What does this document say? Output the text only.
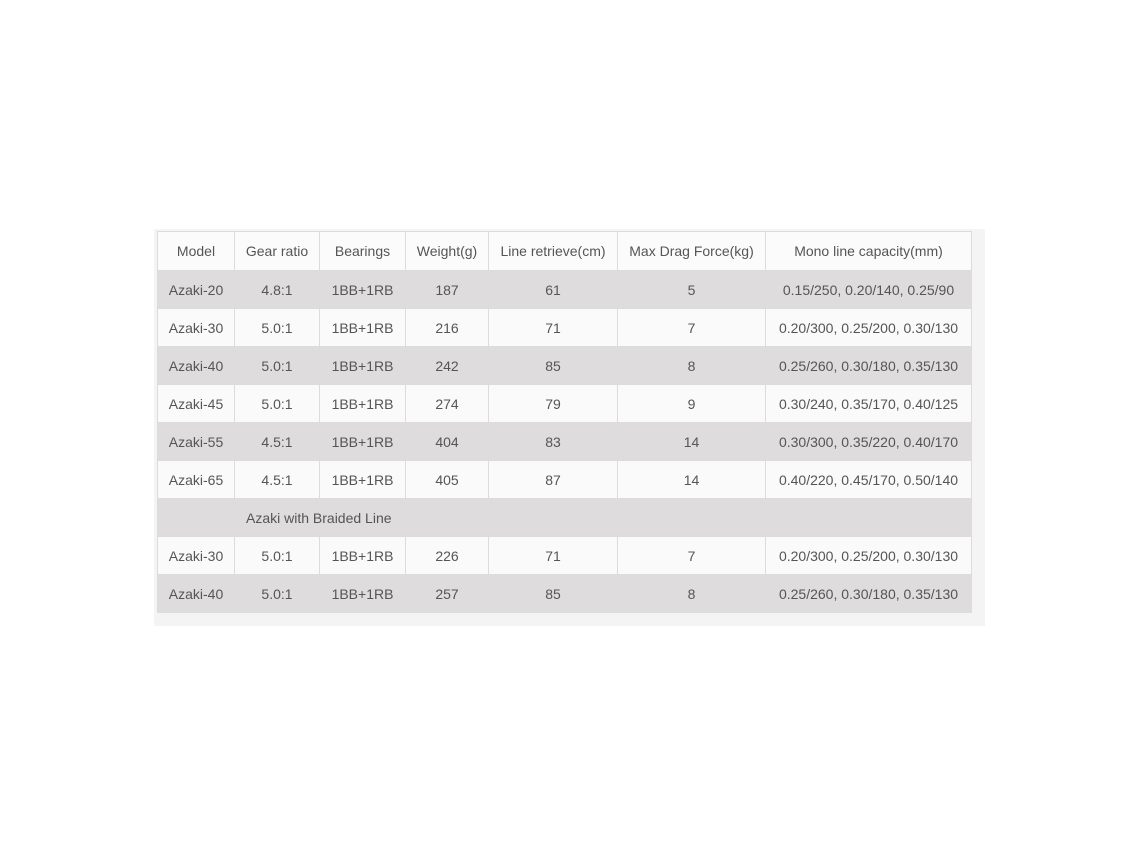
Model	Gear ratio	Bearings	Weight(g)	Line retrieve(cm)	Max Drag Force(kg)	Mono line capacity(mm)
Azaki-20	4.8:1	1BB+1RB	187	61	5	0.15/250, 0.20/140, 0.25/90
Azaki-30	5.0:1	1BB+1RB	216	71	7	0.20/300, 0.25/200, 0.30/130
Azaki-40	5.0:1	1BB+1RB	242	85	8	0.25/260, 0.30/180, 0.35/130
Azaki-45	5.0:1	1BB+1RB	274	79	9	0.30/240, 0.35/170, 0.40/125
Azaki-55	4.5:1	1BB+1RB	404	83	14	0.30/300, 0.35/220, 0.40/170
Azaki-65	4.5:1	1BB+1RB	405	87	14	0.40/220, 0.45/170, 0.50/140
	Azaki with Braided Line					
Azaki-30	5.0:1	1BB+1RB	226	71	7	0.20/300, 0.25/200, 0.30/130
Azaki-40	5.0:1	1BB+1RB	257	85	8	0.25/260, 0.30/180, 0.35/130
